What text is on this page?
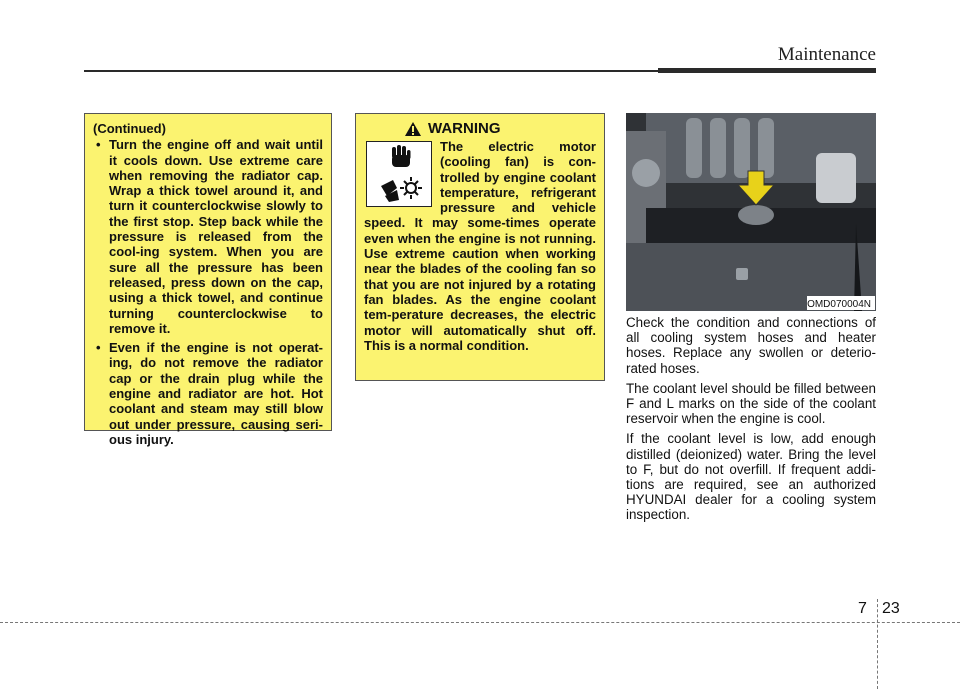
Maintenance
(Continued)
• Turn the engine off and wait until it cools down. Use extreme care when removing the radiator cap. Wrap a thick towel around it, and turn it counterclockwise slowly to the first stop. Step back while the pressure is released from the cool-ing system. When you are sure all the pressure has been released, press down on the cap, using a thick towel, and continue turning counterclockwise to remove it.
• Even if the engine is not operat-ing, do not remove the radiator cap or the drain plug while the engine and radiator are hot. Hot coolant and steam may still blow out under pressure, causing seri-ous injury.
WARNING
The electric motor (cooling fan) is con-trolled by engine coolant temperature, refrigerant pressure and vehicle speed. It may some-times operate even when the engine is not running. Use extreme caution when working near the blades of the cooling fan so that you are not injured by a rotating fan blades. As the engine coolant tem-perature decreases, the electric motor will automatically shut off. This is a normal condition.
OMD070004N

Check the condition and connections of all cooling system hoses and heater hoses. Replace any swollen or deterio-rated hoses.

The coolant level should be filled between F and L marks on the side of the coolant reservoir when the engine is cool.

If the coolant level is low, add enough distilled (deionized) water. Bring the level to F, but do not overfill. If frequent addi-tions are required, see an authorized HYUNDAI dealer for a cooling system inspection.

7 23
